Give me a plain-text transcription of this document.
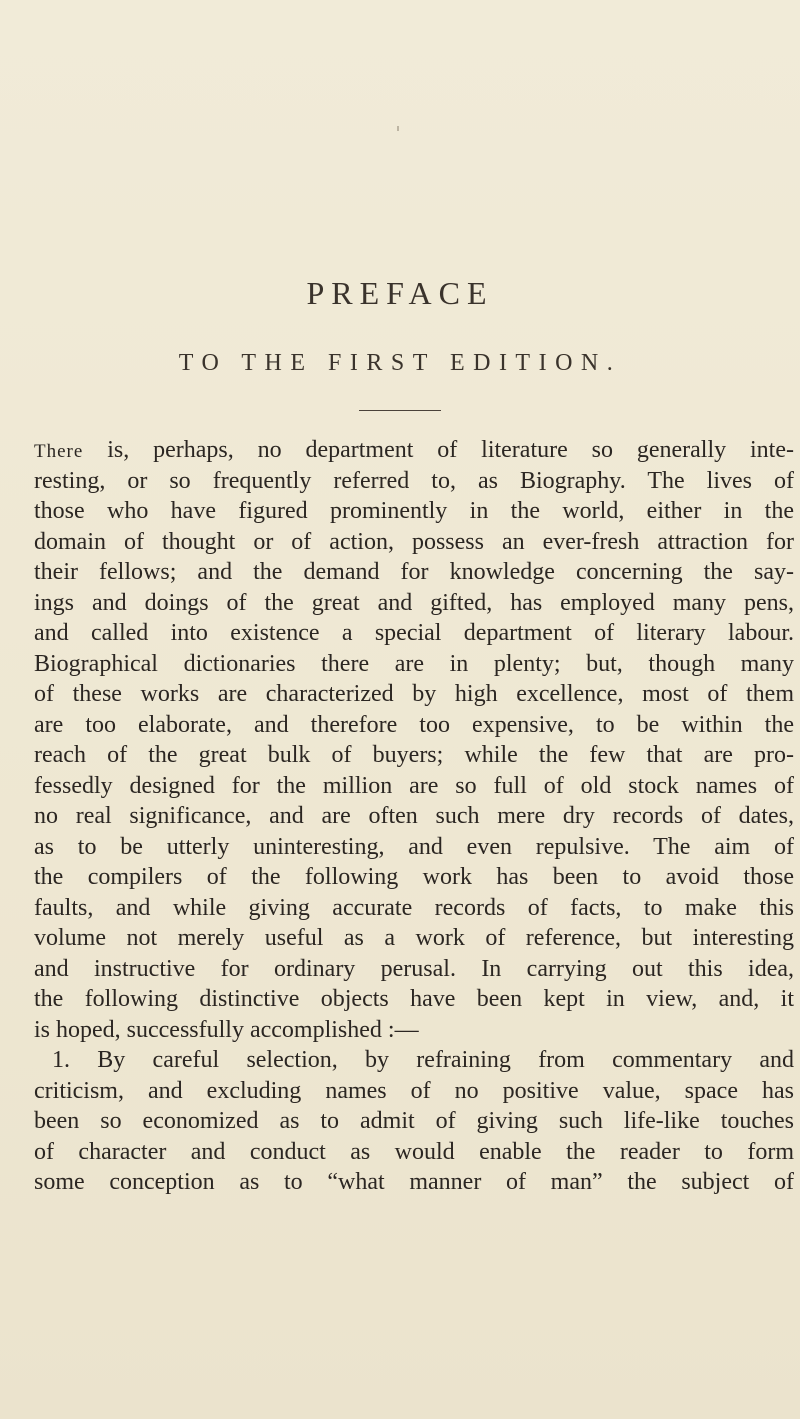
PREFACE
TO THE FIRST EDITION.
There is, perhaps, no department of literature so generally inte-
resting, or so frequently referred to, as Biography. The lives of
those who have figured prominently in the world, either in the
domain of thought or of action, possess an ever-fresh attraction for
their fellows; and the demand for knowledge concerning the say-
ings and doings of the great and gifted, has employed many pens,
and called into existence a special department of literary labour.
Biographical dictionaries there are in plenty; but, though many
of these works are characterized by high excellence, most of them
are too elaborate, and therefore too expensive, to be within the
reach of the great bulk of buyers; while the few that are pro-
fessedly designed for the million are so full of old stock names of
no real significance, and are often such mere dry records of dates,
as to be utterly uninteresting, and even repulsive. The aim of
the compilers of the following work has been to avoid those
faults, and while giving accurate records of facts, to make this
volume not merely useful as a work of reference, but interesting
and instructive for ordinary perusal. In carrying out this idea,
the following distinctive objects have been kept in view, and, it
is hoped, successfully accomplished :—
1. By careful selection, by refraining from commentary and
criticism, and excluding names of no positive value, space has
been so economized as to admit of giving such life-like touches
of character and conduct as would enable the reader to form
some conception as to “what manner of man” the subject of
